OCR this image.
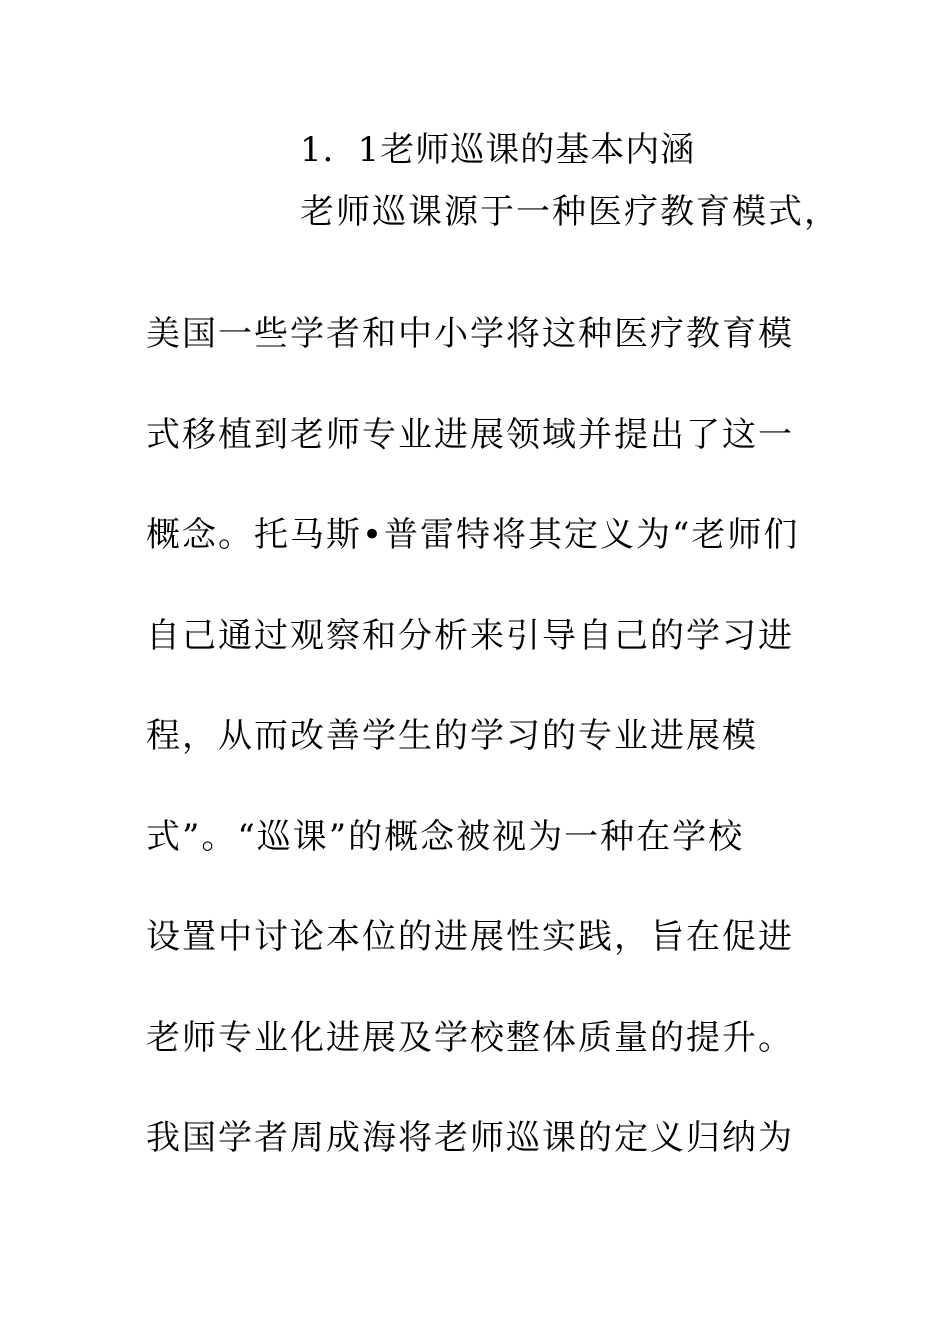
1．1老师巡课的基本内涵
老师巡课源于一种医疗教育模式，
美国一些学者和中小学将这种医疗教育模
式移植到老师专业进展领域并提出了这一
概念。托马斯•普雷特将其定义为“老师们
自己通过观察和分析来引导自己的学习进
程，从而改善学生的学习的专业进展模
式”。“巡课”的概念被视为一种在学校
设置中讨论本位的进展性实践，旨在促进
老师专业化进展及学校整体质量的提升。
我国学者周成海将老师巡课的定义归纳为
